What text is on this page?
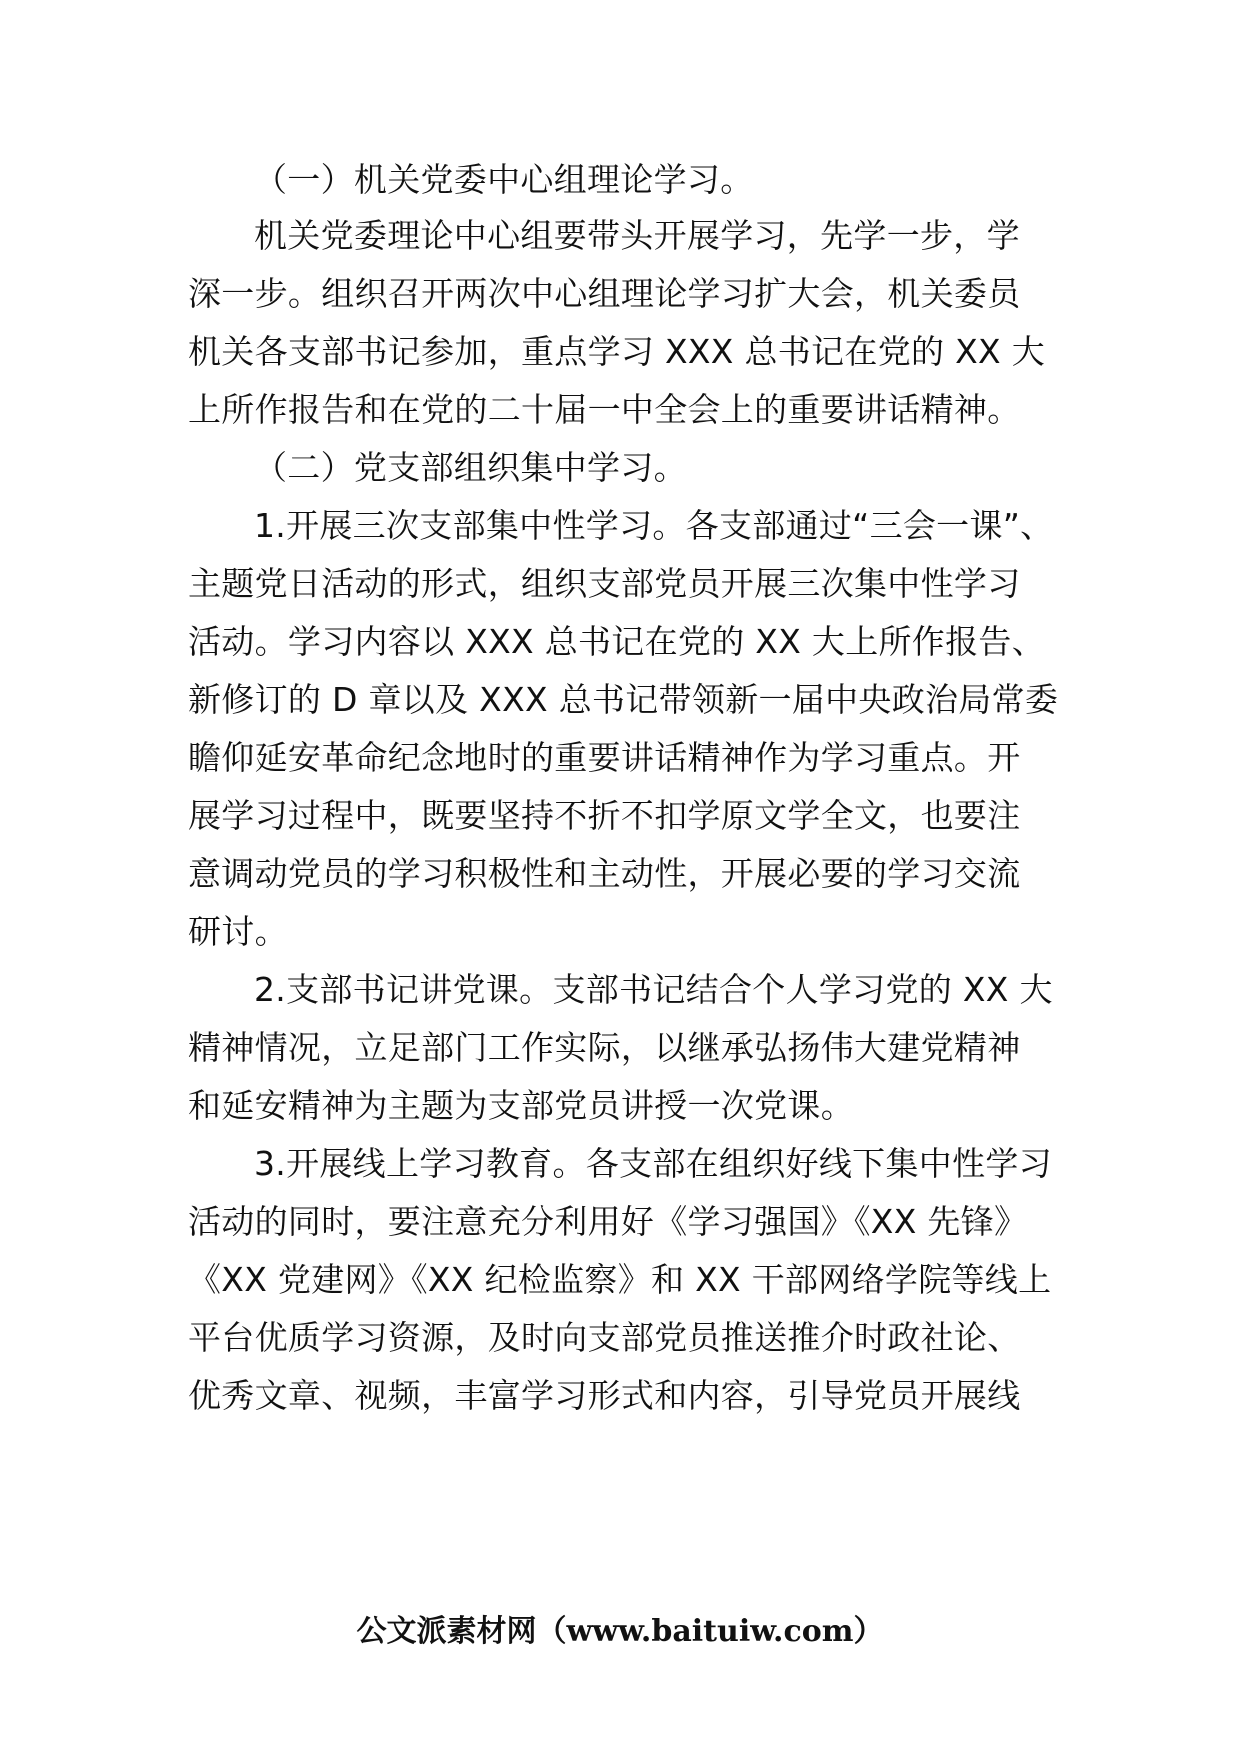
（一）机关党委中心组理论学习。
机关党委理论中心组要带头开展学习，先学一步，学
深一步。组织召开两次中心组理论学习扩大会，机关委员
机关各支部书记参加，重点学习 XXX 总书记在党的 XX 大
上所作报告和在党的二十届一中全会上的重要讲话精神。
（二）党支部组织集中学习。
1.开展三次支部集中性学习。各支部通过“三会一课”、
主题党日活动的形式，组织支部党员开展三次集中性学习
活动。学习内容以 XXX 总书记在党的 XX 大上所作报告、
新修订的 D 章以及 XXX 总书记带领新一届中央政治局常委
瞻仰延安革命纪念地时的重要讲话精神作为学习重点。开
展学习过程中，既要坚持不折不扣学原文学全文，也要注
意调动党员的学习积极性和主动性，开展必要的学习交流
研讨。
2.支部书记讲党课。支部书记结合个人学习党的 XX 大
精神情况，立足部门工作实际，以继承弘扬伟大建党精神
和延安精神为主题为支部党员讲授一次党课。
3.开展线上学习教育。各支部在组织好线下集中性学习
活动的同时，要注意充分利用好《学习强国》《XX 先锋》
《XX 党建网》《XX 纪检监察》和 XX 干部网络学院等线上
平台优质学习资源，及时向支部党员推送推介时政社论、
优秀文章、视频，丰富学习形式和内容，引导党员开展线
公文派素材网（www.baituiw.com）
